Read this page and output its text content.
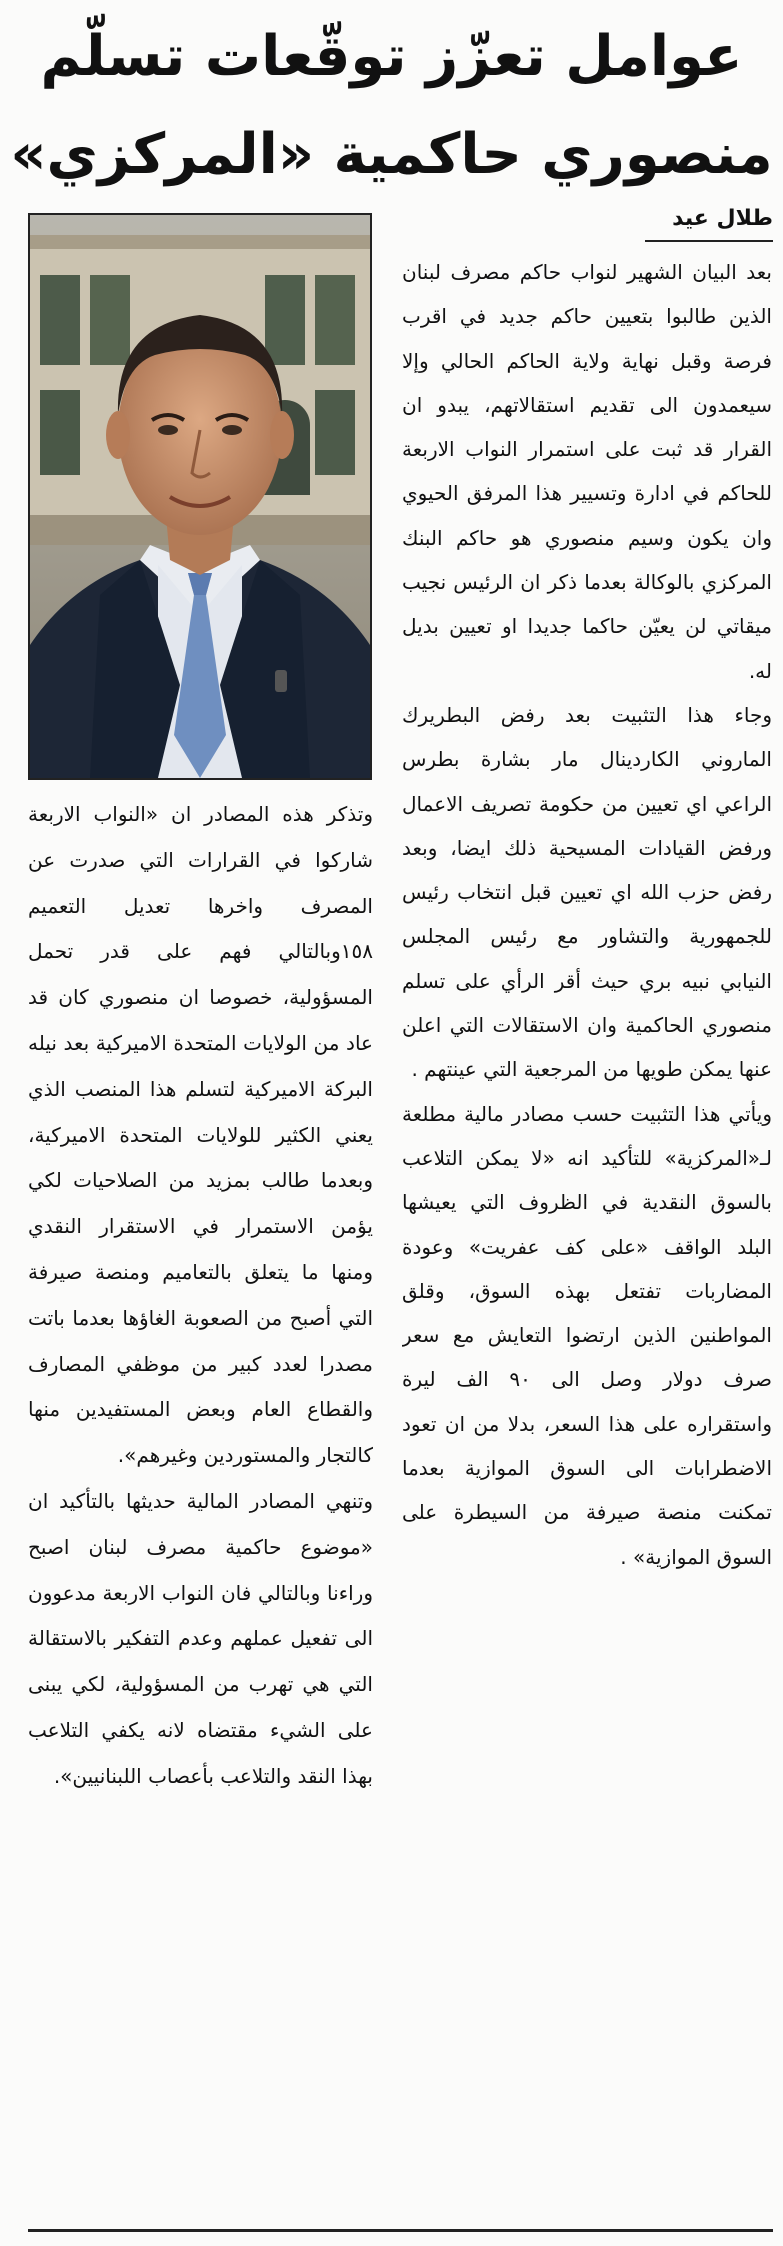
عوامل تعزّز توقّعات تسلّم
منصوري حاكمية «المركزي»
طلال عيد

بعد البيان الشهير لنواب حاكم مصرف لبنان الذين طالبوا بتعيين حاكم جديد في اقرب فرصة وقبل نهاية ولاية الحاكم الحالي وإلا سيعمدون الى تقديم استقالاتهم، يبدو ان القرار قد ثبت على استمرار النواب الاربعة للحاكم في ادارة وتسيير هذا المرفق الحيوي وان يكون وسيم منصوري هو حاكم البنك المركزي بالوكالة بعدما ذكر ان الرئيس نجيب ميقاتي لن يعيّن حاكما جديدا او تعيين بديل له.

وجاء هذا التثبيت بعد رفض البطريرك الماروني الكاردينال مار بشارة بطرس الراعي اي تعيين من حكومة تصريف الاعمال ورفض القيادات المسيحية ذلك ايضا، وبعد رفض حزب الله اي تعيين قبل انتخاب رئيس للجمهورية والتشاور مع رئيس المجلس النيابي نبيه بري حيث أقر الرأي على تسلم منصوري الحاكمية وان الاستقالات التي اعلن عنها يمكن طويها من المرجعية التي عينتهم .

ويأتي هذا التثبيت حسب مصادر مالية مطلعة لـ«المركزية» للتأكيد انه «لا يمكن التلاعب بالسوق النقدية في الظروف التي يعيشها البلد الواقف «على كف عفريت» وعودة المضاربات تفتعل بهذه السوق، وقلق المواطنين الذين ارتضوا التعايش مع سعر صرف دولار وصل الى ٩٠ الف ليرة واستقراره على هذا السعر، بدلا من ان تعود الاضطرابات الى السوق الموازية بعدما تمكنت منصة صيرفة من السيطرة على السوق الموازية» .

وتذكر هذه المصادر ان «النواب الاربعة شاركوا في القرارات التي صدرت عن المصرف واخرها تعديل التعميم ١٥٨وبالتالي فهم على قدر تحمل المسؤولية، خصوصا ان منصوري كان قد عاد من الولايات المتحدة الاميركية بعد نيله البركة الاميركية لتسلم هذا المنصب الذي يعني الكثير للولايات المتحدة الاميركية، وبعدما طالب بمزيد من الصلاحيات لكي يؤمن الاستمرار في الاستقرار النقدي ومنها ما يتعلق بالتعاميم ومنصة صيرفة التي أصبح من الصعوبة الغاؤها بعدما باتت مصدرا لعدد كبير من موظفي المصارف والقطاع العام وبعض المستفيدين منها كالتجار والمستوردين وغيرهم».

وتنهي المصادر المالية حديثها بالتأكيد ان «موضوع حاكمية مصرف لبنان اصبح وراءنا وبالتالي فان النواب الاربعة مدعوون الى تفعيل عملهم وعدم التفكير بالاستقالة التي هي تهرب من المسؤولية، لكي يبنى على الشيء مقتضاه لانه يكفي التلاعب بهذا النقد والتلاعب بأعصاب اللبنانيين».
